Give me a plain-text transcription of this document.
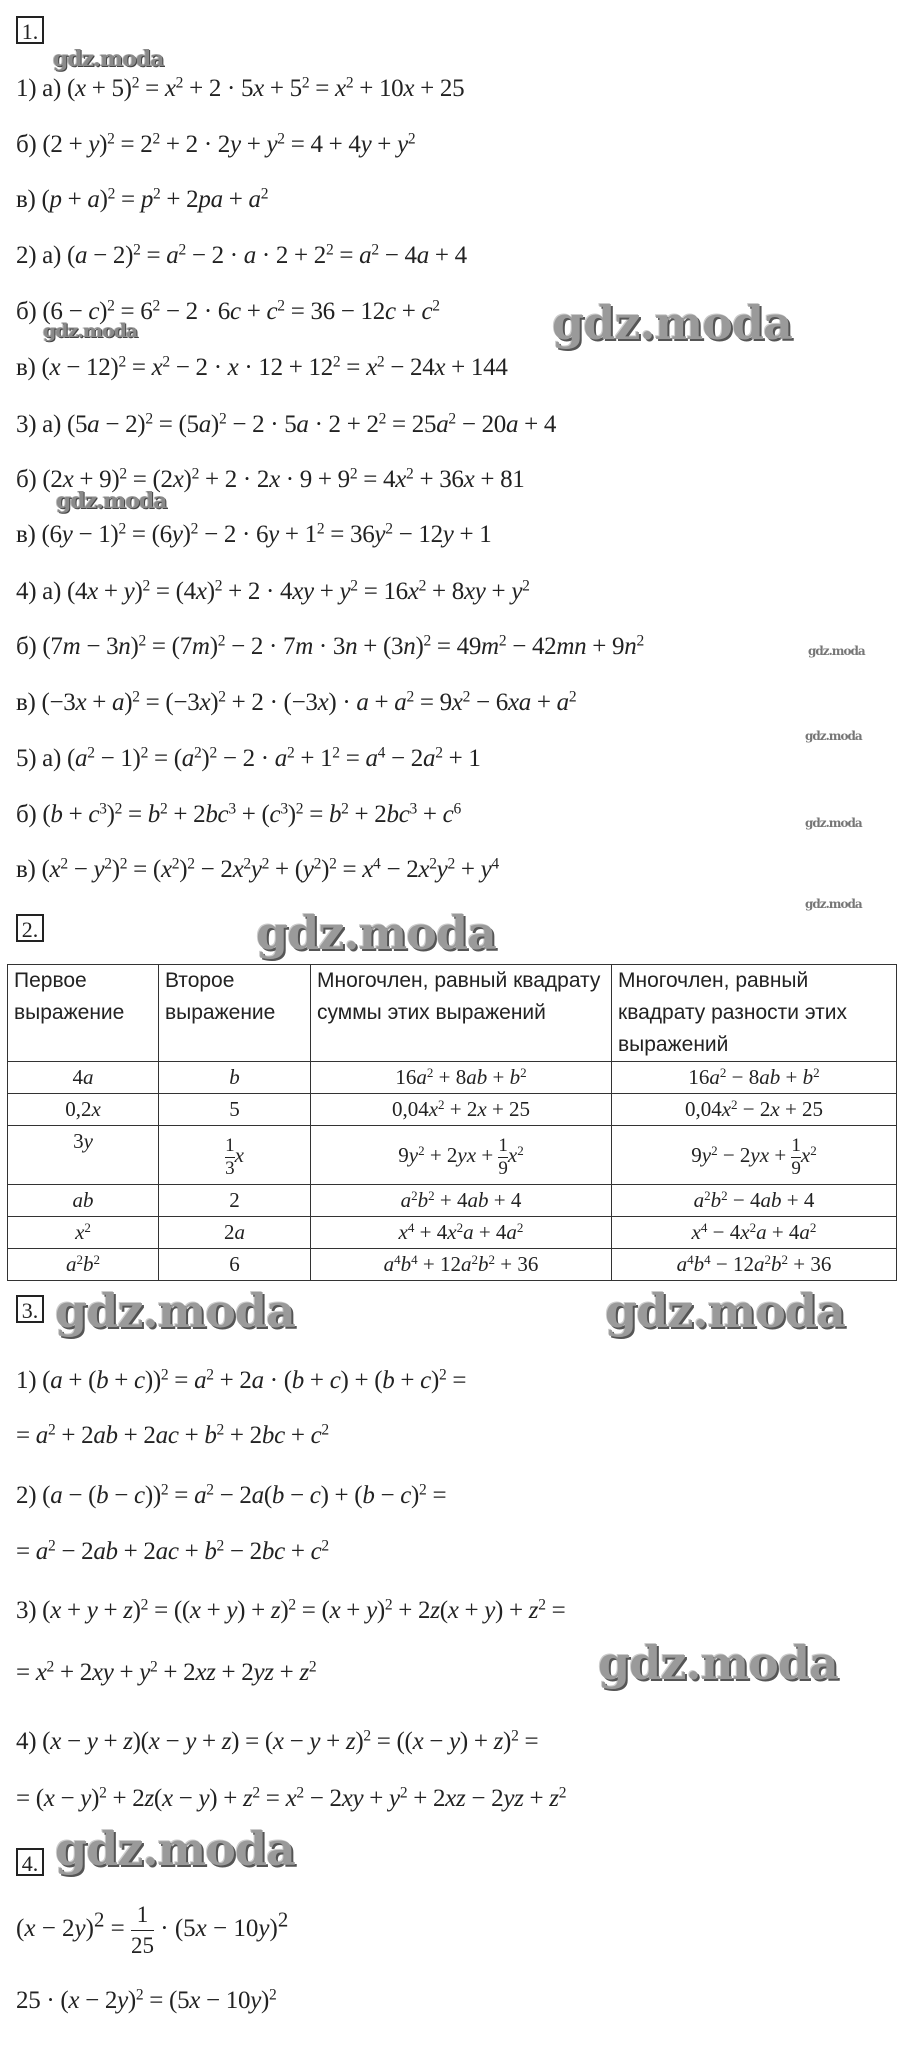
1.
gdz.moda
1) а) $(x + 5)^2 = x^2 + 2 \cdot 5x + 5^2 = x^2 + 10x + 25$
б) $(2 + y)^2 = 2^2 + 2 \cdot 2y + y^2 = 4 + 4y + y^2$
в) $(p + a)^2 = p^2 + 2pa + a^2$
2) а) $(a - 2)^2 = a^2 - 2 \cdot a \cdot 2 + 2^2 = a^2 - 4a + 4$
б) $(6 - c)^2 = 6^2 - 2 \cdot 6c + c^2 = 36 - 12c + c^2$ gdz.moda
gdz.moda
в) $(x - 12)^2 = x^2 - 2 \cdot x \cdot 12 + 12^2 = x^2 - 24x + 144$
3) а) $(5a - 2)^2 = (5a)^2 - 2 \cdot 5a \cdot 2 + 2^2 = 25a^2 - 20a + 4$
б) $(2x + 9)^2 = (2x)^2 + 2 \cdot 2x \cdot 9 + 9^2 = 4x^2 + 36x + 81$
gdz.moda
в) $(6y - 1)^2 = (6y)^2 - 2 \cdot 6y + 1^2 = 36y^2 - 12y + 1$
4) а) $(4x + y)^2 = (4x)^2 + 2 \cdot 4xy + y^2 = 16x^2 + 8xy + y^2$
б) $(7m - 3n)^2 = (7m)^2 - 2 \cdot 7m \cdot 3n + (3n)^2 = 49m^2 - 42mn + 9n^2$
gdz.moda
в) $(-3x + a)^2 = (-3x)^2 + 2 \cdot (-3x) \cdot a + a^2 = 9x^2 - 6xa + a^2$
gdz.moda
5) а) $(a^2 - 1)^2 = (a^2)^2 - 2 \cdot a^2 + 1^2 = a^4 - 2a^2 + 1$
б) $(b + c^3)^2 = b^2 + 2bc^3 + (c^3)^2 = b^2 + 2bc^3 + c^6$
gdz.moda
в) $(x^2 - y^2)^2 = (x^2)^2 - 2x^2y^2 + (y^2)^2 = x^4 - 2x^2y^2 + y^4$
gdz.moda
2.	gdz.moda
Первое выражение	Второе выражение	Многочлен, равный квадрату суммы этих выражений	Многочлен, равный квадрату разности этих выражений
4a	b	$16a^2 + 8ab + b^2$	$16a^2 - 8ab + b^2$
0,2x	5	$0,04x^2 + 2x + 25$	$0,04x^2 - 2x + 25$
3y	$\frac{1}{3}$ x	$9y^2 + 2yx + \frac{1}{9} x^2$	$9y^2 - 2yx + \frac{1}{9} x^2$
ab	2	$a^2b^2 + 4ab + 4$	$a^2b^2 - 4ab + 4$
$x^2$	2a	$x^4 + 4x^2a + 4a^2$	$x^4 - 4x^2a + 4a^2$
$a^2b^2$	6	$a^4b^4 + 12a^2b^2 + 36$	$a^4b^4 - 12a^2b^2 + 36$
3. gdz.moda	gdz.moda
1) $(a + (b + c))^2 = a^2 + 2a \cdot (b + c) + (b + c)^2$ =
= $a^2 + 2ab + 2ac + b^2 + 2bc + c^2$
2) $(a - (b - c))^2 = a^2 - 2a(b - c) + (b - c)^2$ =
= $a^2 - 2ab + 2ac + b^2 - 2bc + c^2$
3) $(x + y + z)^2 = ((x + y) + z)^2 = (x + y)^2 + 2z(x + y) + z^2$ =
= $x^2 + 2xy + y^2 + 2xz + 2yz + z^2$	gdz.moda
4) $(x - y + z)(x - y + z) = (x - y + z)^2 = ((x - y) + z)^2$ =
= $(x - y)^2 + 2z(x - y) + z^2 = x^2 - 2xy + y^2 + 2xz - 2yz + z^2$
4. gdz.moda
$(x - 2y)^2 = \frac{1}{25} \cdot (5x - 10y)^2$
$25 \cdot (x - 2y)^2 = (5x - 10y)^2$
